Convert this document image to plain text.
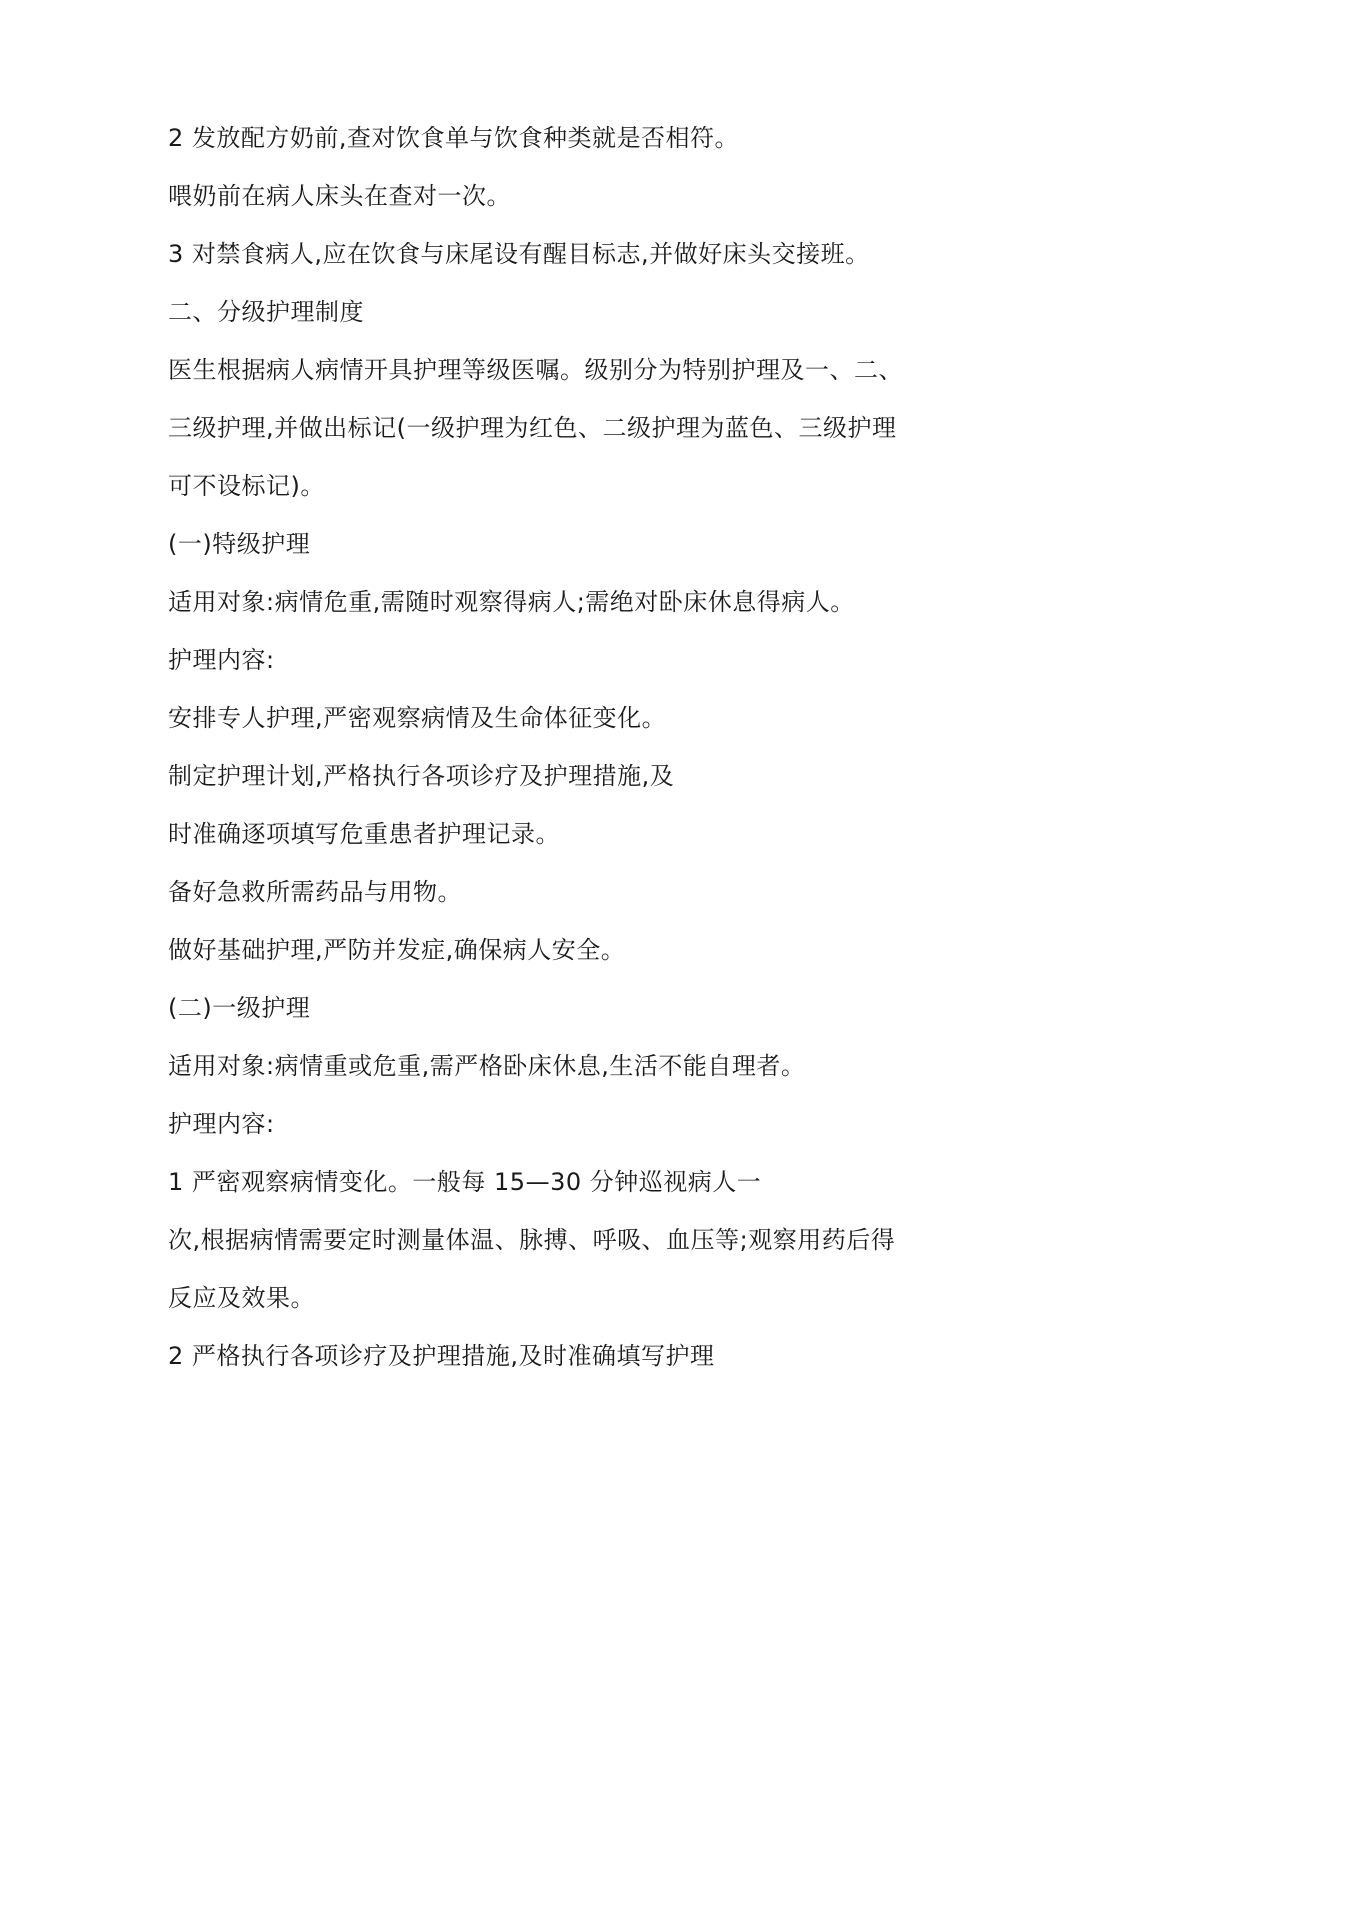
2 发放配方奶前,查对饮食单与饮食种类就是否相符。
喂奶前在病人床头在查对一次。
3 对禁食病人,应在饮食与床尾设有醒目标志,并做好床头交接班。
二、分级护理制度
医生根据病人病情开具护理等级医嘱。级别分为特别护理及一、二、
三级护理,并做出标记(一级护理为红色、二级护理为蓝色、三级护理
可不设标记)。
(一)特级护理
适用对象:病情危重,需随时观察得病人;需绝对卧床休息得病人。
护理内容:
安排专人护理,严密观察病情及生命体征变化。
制定护理计划,严格执行各项诊疗及护理措施,及
时准确逐项填写危重患者护理记录。
备好急救所需药品与用物。
做好基础护理,严防并发症,确保病人安全。
(二)一级护理
适用对象:病情重或危重,需严格卧床休息,生活不能自理者。
护理内容:
1 严密观察病情变化。一般每 15—30 分钟巡视病人一
次,根据病情需要定时测量体温、脉搏、呼吸、血压等;观察用药后得
反应及效果。
2 严格执行各项诊疗及护理措施,及时准确填写护理
